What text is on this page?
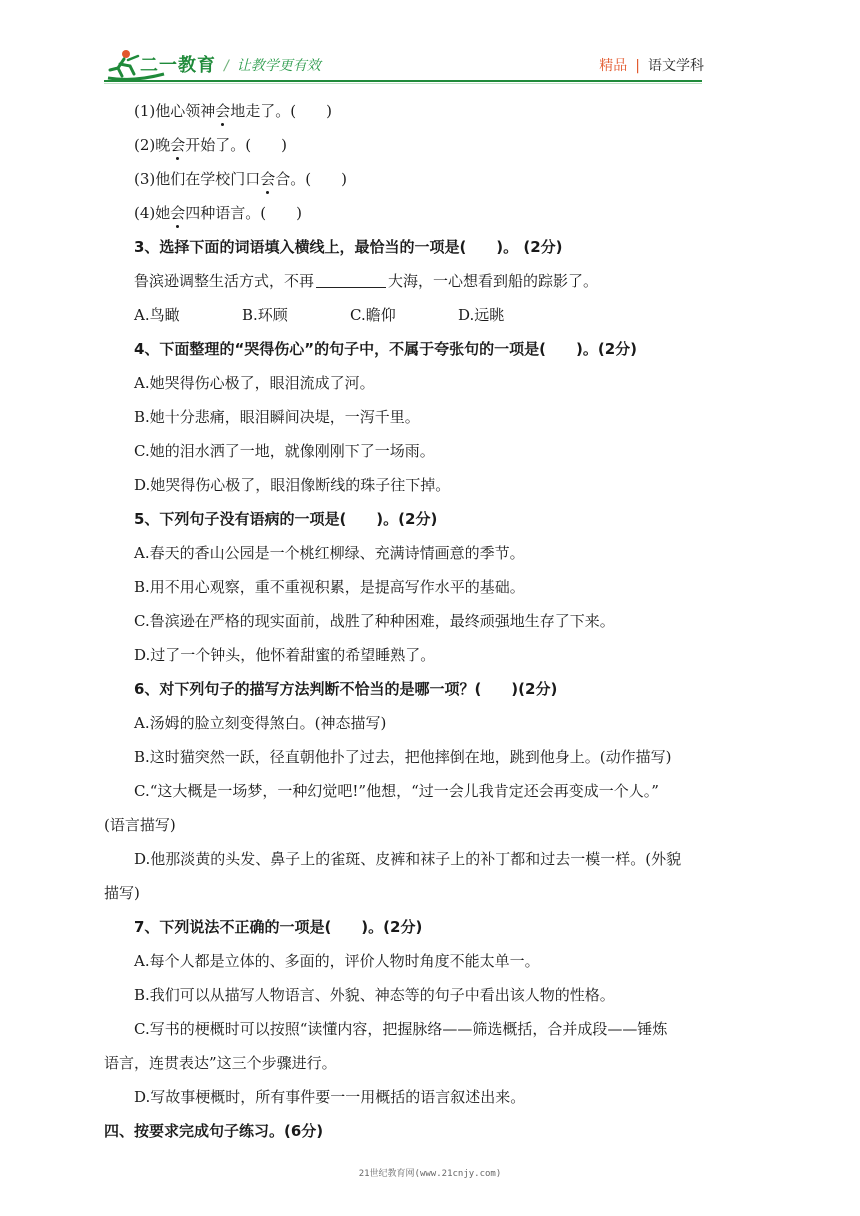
二一教育 / 让教学更有效	精品 | 语文学科
(1)他心领神会地走了。(　　)
(2)晚会开始了。(　　)
(3)他们在学校门口会合。(　　)
(4)她会四种语言。(　　)
3、选择下面的词语填入横线上，最恰当的一项是(　　)。 (2分)
鲁滨逊调整生活方式，不再	大海，一心想看到船的踪影了。
A.鸟瞰	B.环顾	C.瞻仰	D.远眺
4、下面整理的“哭得伤心”的句子中，不属于夸张句的一项是(　　)。(2分)
A.她哭得伤心极了，眼泪流成了河。
B.她十分悲痛，眼泪瞬间决堤，一泻千里。
C.她的泪水洒了一地，就像刚刚下了一场雨。
D.她哭得伤心极了，眼泪像断线的珠子往下掉。
5、下列句子没有语病的一项是(　　)。(2分)
A.春天的香山公园是一个桃红柳绿、充满诗情画意的季节。
B.用不用心观察，重不重视积累，是提高写作水平的基础。
C.鲁滨逊在严格的现实面前，战胜了种种困难，最终顽强地生存了下来。
D.过了一个钟头，他怀着甜蜜的希望睡熟了。
6、对下列句子的描写方法判断不恰当的是哪一项？(　　)(2分)
A.汤姆的脸立刻变得煞白。(神态描写)
B.这时猫突然一跃，径直朝他扑了过去，把他摔倒在地，跳到他身上。(动作描写)
C.“这大概是一场梦，一种幻觉吧!”他想，“过一会儿我肯定还会再变成一个人。”
(语言描写)
D.他那淡黄的头发、鼻子上的雀斑、皮裤和袜子上的补丁都和过去一模一样。(外貌
描写)
7、下列说法不正确的一项是(　　)。(2分)
A.每个人都是立体的、多面的，评价人物时角度不能太单一。
B.我们可以从描写人物语言、外貌、神态等的句子中看出该人物的性格。
C.写书的梗概时可以按照“读懂内容，把握脉络——筛选概括，合并成段——锤炼
语言，连贯表达”这三个步骤进行。
D.写故事梗概时，所有事件要一一用概括的语言叙述出来。
四、按要求完成句子练习。(6分)
21世纪教育网(www.21cnjy.com)
